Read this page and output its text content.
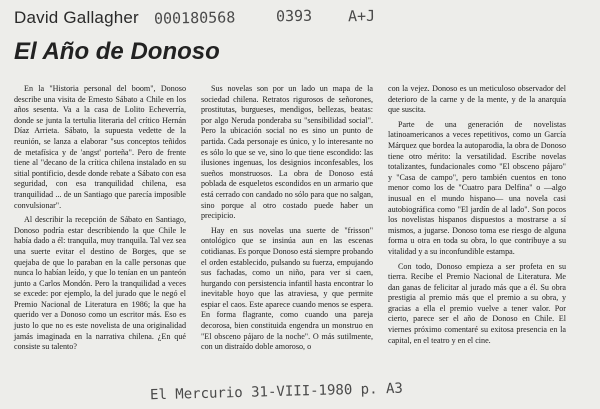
David Gallagher 000180568	0393 A+J
El Año de Donoso

En la "Historia personal del boom", Donoso describe una visita de Ernesto Sábato a Chile en los años sesenta. Va a la casa de Lolito Echeverría, donde se junta la tertulia literaria del crítico Hernán Díaz Arrieta. Sábato, la supuesta vedette de la reunión, se lanza a elaborar "sus conceptos teñidos de metafísica y de 'angst' porteña". Pero de frente tiene al "decano de la crítica chilena instalado en su sitial pontificio, desde donde rebate a Sábato con esa seguridad, con esa tranquilidad chilena, esa tranquilidad ... de un Santiago que parecía imposible convulsionar".

Al describir la recepción de Sábato en Santiago, Donoso podría estar describiendo la que Chile le había dado a él: tranquila, muy tranquila. Tal vez sea una suerte evitar el destino de Borges, que se quejaba de que lo paraban en la calle personas que nunca lo habían leído, y que lo tenían en un panteón junto a Carlos Mondón. Pero la tranquilidad a veces se excede: por ejemplo, la del jurado que le negó el Premio Nacional de Literatura en 1986; la que ha querido ver a Donoso como un escritor más. Eso es justo lo que no es este novelista de una originalidad jamás imaginada en la narrativa chilena. ¿En qué consiste su talento?

Sus novelas son por un lado un mapa de la sociedad chilena. Retratos rigurosos de señorones, prostitutas, burgueses, mendigos, bellezas, beatas: por algo Neruda ponderaba su "sensibilidad social". Pero la ubicación social no es sino un punto de partida. Cada personaje es único, y lo interesante no es sólo lo que se ve, sino lo que tiene escondido: las ilusiones ingenuas, los designios inconfesables, los sueños monstruosos. La obra de Donoso está poblada de esqueletos escondidos en un armario que está cerrado con candado no sólo para que no salgan, sino porque al otro costado puede haber un precipicio.

Hay en sus novelas una suerte de "frisson" ontológico que se insinúa aun en las escenas cotidianas. Es porque Donoso está siempre probando el orden establecido, pulsando su fuerza, empujando sus fachadas, como un niño, para ver si caen, hurgando con persistencia infantil hasta encontrar lo inevitable hoyo que las atraviesa, y que permite espiar el caos. Este aparece cuando menos se espera. En forma flagrante, como cuando una pareja decorosa, bien constituida engendra un monstruo en "El obsceno pájaro de la noche". O más sutilmente, con un distraído doble amoroso, o

con la vejez. Donoso es un meticuloso observador del deterioro de la carne y de la mente, y de la anarquía que suscita.

Parte de una generación de novelistas latinoamericanos a veces repetitivos, como un García Márquez que bordea la autoparodia, la obra de Donoso tiene otro mérito: la versatilidad. Escribe novelas totalizantes, fundacionales como "El obsceno pájaro" y "Casa de campo", pero también cuentos en tono menor como los de "Cuatro para Delfina" o —algo inusual en el mundo hispano— una novela casi autobiográfica como "El jardín de al lado". Son pocos los novelistas hispanos dispuestos a mostrarse a sí mismos, a jugarse. Donoso toma ese riesgo de alguna forma u otra en toda su obra, lo que contribuye a su vitalidad y a su inconfundible estampa.

Con todo, Donoso empieza a ser profeta en su tierra. Recibe el Premio Nacional de Literatura. Me dan ganas de felicitar al jurado más que a él. Su obra prestigia al premio más que el premio a su obra, y gracias a ella el premio vuelve a tener valor. Por cierto, parece ser el año de Donoso en Chile. El viernes próximo comentaré su exitosa presencia en la capital, en el teatro y en el cine.

El Mercurio 31-VIII-1980 p. A3
